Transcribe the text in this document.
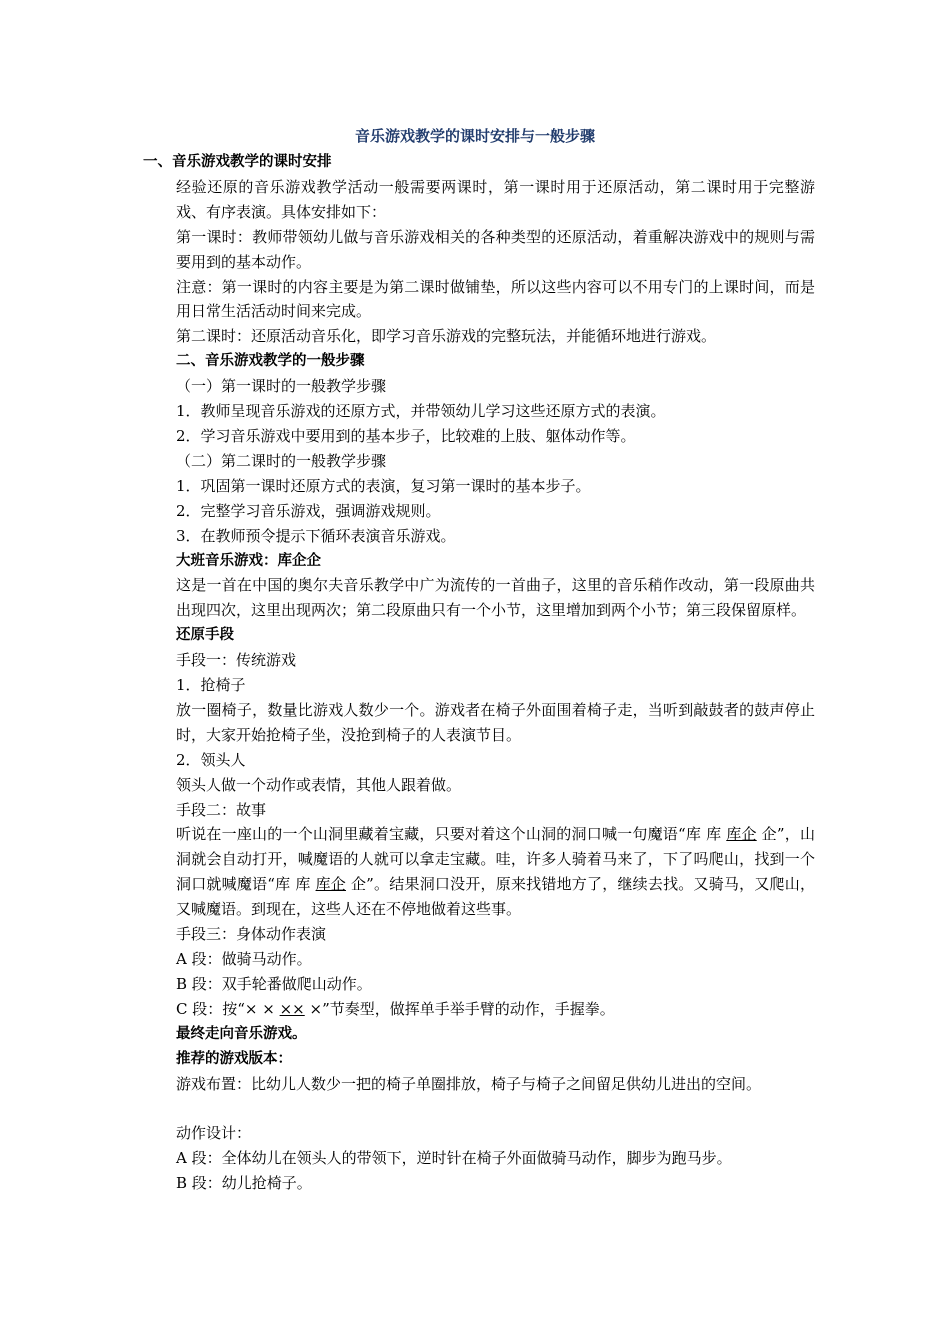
音乐游戏教学的课时安排与一般步骤

一、音乐游戏教学的课时安排

经验还原的音乐游戏教学活动一般需要两课时，第一课时用于还原活动，第二课时用于完整游戏、有序表演。具体安排如下：

第一课时：教师带领幼儿做与音乐游戏相关的各种类型的还原活动，着重解决游戏中的规则与需要用到的基本动作。

注意：第一课时的内容主要是为第二课时做铺垫，所以这些内容可以不用专门的上课时间，而是用日常生活活动时间来完成。

第二课时：还原活动音乐化，即学习音乐游戏的完整玩法，并能循环地进行游戏。

二、音乐游戏教学的一般步骤

（一）第一课时的一般教学步骤

1．教师呈现音乐游戏的还原方式，并带领幼儿学习这些还原方式的表演。

2．学习音乐游戏中要用到的基本步子，比较难的上肢、躯体动作等。

（二）第二课时的一般教学步骤

1．巩固第一课时还原方式的表演，复习第一课时的基本步子。

2．完整学习音乐游戏，强调游戏规则。

3．在教师预令提示下循环表演音乐游戏。

大班音乐游戏：库企企

这是一首在中国的奥尔夫音乐教学中广为流传的一首曲子，这里的音乐稍作改动，第一段原曲共出现四次，这里出现两次；第二段原曲只有一个小节，这里增加到两个小节；第三段保留原样。

还原手段

手段一：传统游戏

1．抢椅子

放一圈椅子，数量比游戏人数少一个。游戏者在椅子外面围着椅子走，当听到敲鼓者的鼓声停止时，大家开始抢椅子坐，没抢到椅子的人表演节目。

2．领头人

领头人做一个动作或表情，其他人跟着做。

手段二：故事

听说在一座山的一个山洞里藏着宝藏，只要对着这个山洞的洞口喊一句魔语“库 库 库企 企”，山洞就会自动打开，喊魔语的人就可以拿走宝藏。哇，许多人骑着马来了，下了吗爬山，找到一个洞口就喊魔语“库 库 库企 企”。结果洞口没开，原来找错地方了，继续去找。又骑马，又爬山，又喊魔语。到现在，这些人还在不停地做着这些事。

手段三：身体动作表演

A 段：做骑马动作。

B 段：双手轮番做爬山动作。

C 段：按“× × ×× ×”节奏型，做挥单手举手臂的动作，手握拳。

最终走向音乐游戏。

推荐的游戏版本：

游戏布置：比幼儿人数少一把的椅子单圈排放，椅子与椅子之间留足供幼儿进出的空间。

动作设计：

A 段：全体幼儿在领头人的带领下，逆时针在椅子外面做骑马动作，脚步为跑马步。

B 段：幼儿抢椅子。
